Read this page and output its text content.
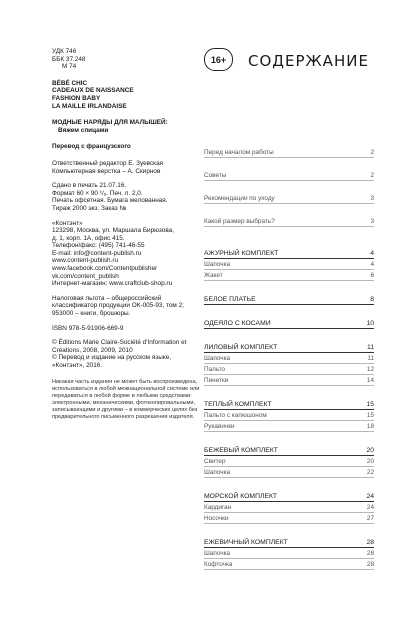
УДК 746

ББК 37.248

М 74

BÉBÉ CHIC

CADEAUX DE NAISSANCE

FASHION BABY

LA MAILLE IRLANDAISE

МОДНЫЕ НАРЯДЫ ДЛЯ МАЛЫШЕЙ:

Вяжем спицами

Перевод с французского

Ответственный редактор Е. Зуевская

Компьютерная верстка – А. Скирнов

Сдано в печать 21.07.16.

Формат 60 × 90 ¹/₈. Печ. л. 2,0.

Печать офсетная. Бумага мелованная.

Тираж 2000 экз. Заказ №

«Контэнт»

123298, Москва, ул. Маршала Бирюзова,

д. 1, корп. 1А, офис 415.

Телефон/факс: (495) 741-46-55

E-mail: info@content-publish.ru

www.content-publish.ru

www.facebook.com/Contentpublisher

vk.com/content_publish

Интернет-магазин: www.craftclub-shop.ru

Налоговая льгота – общероссийский

классификатор продукции ОК-005-93, том 2;

953000 – книги, брошюры.

ISBN 978-5-91906-669-9

© Éditions Marie Claire-Société d'Information et

Créations, 2008, 2009, 2010

© Перевод и издание на русском языке,

«Контэнт», 2016.

Никакая часть издания не может быть воспроизведена,

использоваться в любой межнациональной системе или

передаваться в любой форме и любыми средствами:

электронными, механическими, фотокопировальными,

записывающими и другими – в коммерческих целях без

предварительного письменного разрешения издателя.

16+	СОДЕРЖАНИЕ
Перед началом работы	2
Советы	2
Рекомендации по уходу	3
Какой размер выбрать?	3
АЖУРНЫЙ КОМПЛЕКТ	4
Шапочка	4
Жакет	6
БЕЛОЕ ПЛАТЬЕ	8
ОДЕЯЛО С КОСАМИ	10
ЛИЛОВЫЙ КОМПЛЕКТ	11
Шапочка	11
Пальто	12
Пинетки	14
ТЕПЛЫЙ КОМПЛЕКТ	15
Пальто с капюшоном	15
Рукавички	18
БЕЖЕВЫЙ КОМПЛЕКТ	20
Свитер	20
Шапочка	22
МОРСКОЙ КОМПЛЕКТ	24
Кардиган	24
Носочки	27
ЕЖЕВИЧНЫЙ КОМПЛЕКТ	28
Шапочка	28
Кофточка	28
